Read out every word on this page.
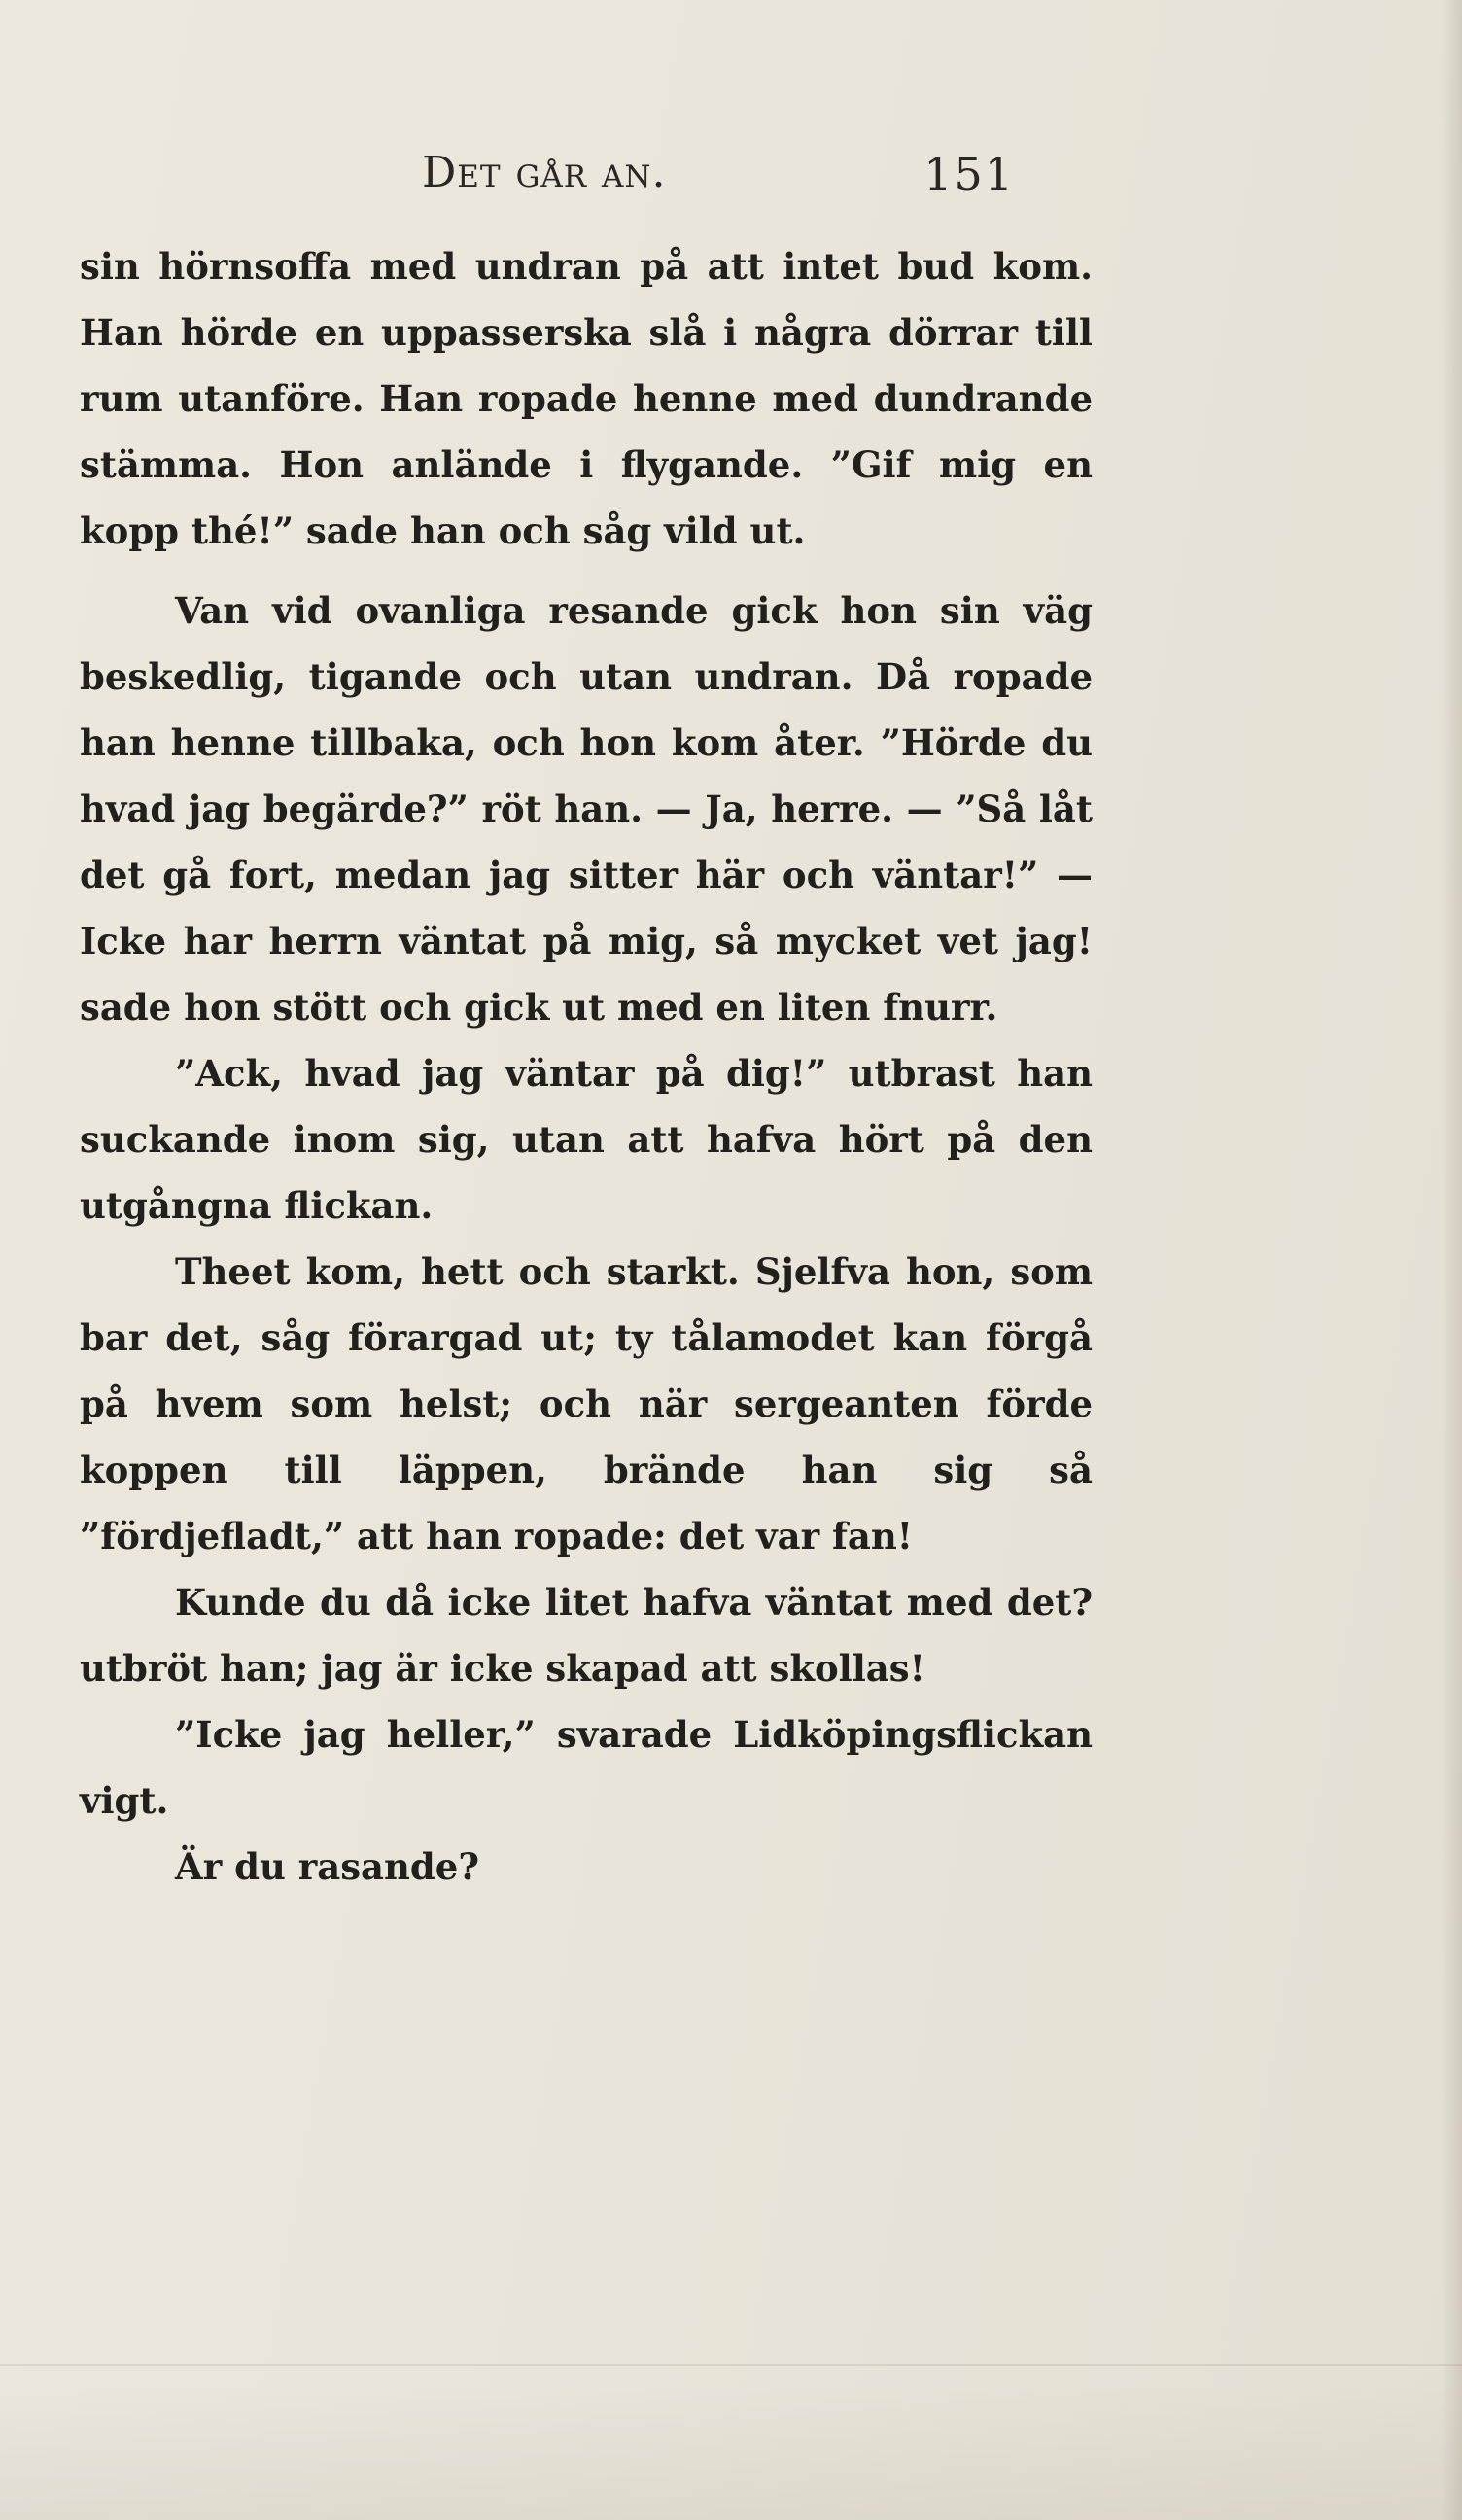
Det går an.	151

sin hörnsoffa med undran på att intet bud kom. Han hörde en uppasserska slå i några dörrar till rum utanföre. Han ropade henne med dundrande stämma. Hon anlände i flygande. ”Gif mig en kopp thé!” sade han och såg vild ut.

Van vid ovanliga resande gick hon sin väg beskedlig, tigande och utan undran. Då ropade han henne tillbaka, och hon kom åter. ”Hörde du hvad jag begärde?” röt han. — Ja, herre. — ”Så låt det gå fort, medan jag sitter här och väntar!” — Icke har herrn väntat på mig, så mycket vet jag! sade hon stött och gick ut med en liten fnurr.

”Ack, hvad jag väntar på dig!” utbrast han suckande inom sig, utan att hafva hört på den utgångna flickan.

Theet kom, hett och starkt. Sjelfva hon, som bar det, såg förargad ut; ty tålamodet kan förgå på hvem som helst; och när sergeanten förde koppen till läppen, brände han sig så ”fördjefladt,” att han ropade: det var fan!

Kunde du då icke litet hafva väntat med det? utbröt han; jag är icke skapad att skollas!

”Icke jag heller,” svarade Lidköpingsflickan vigt.

Är du rasande?
